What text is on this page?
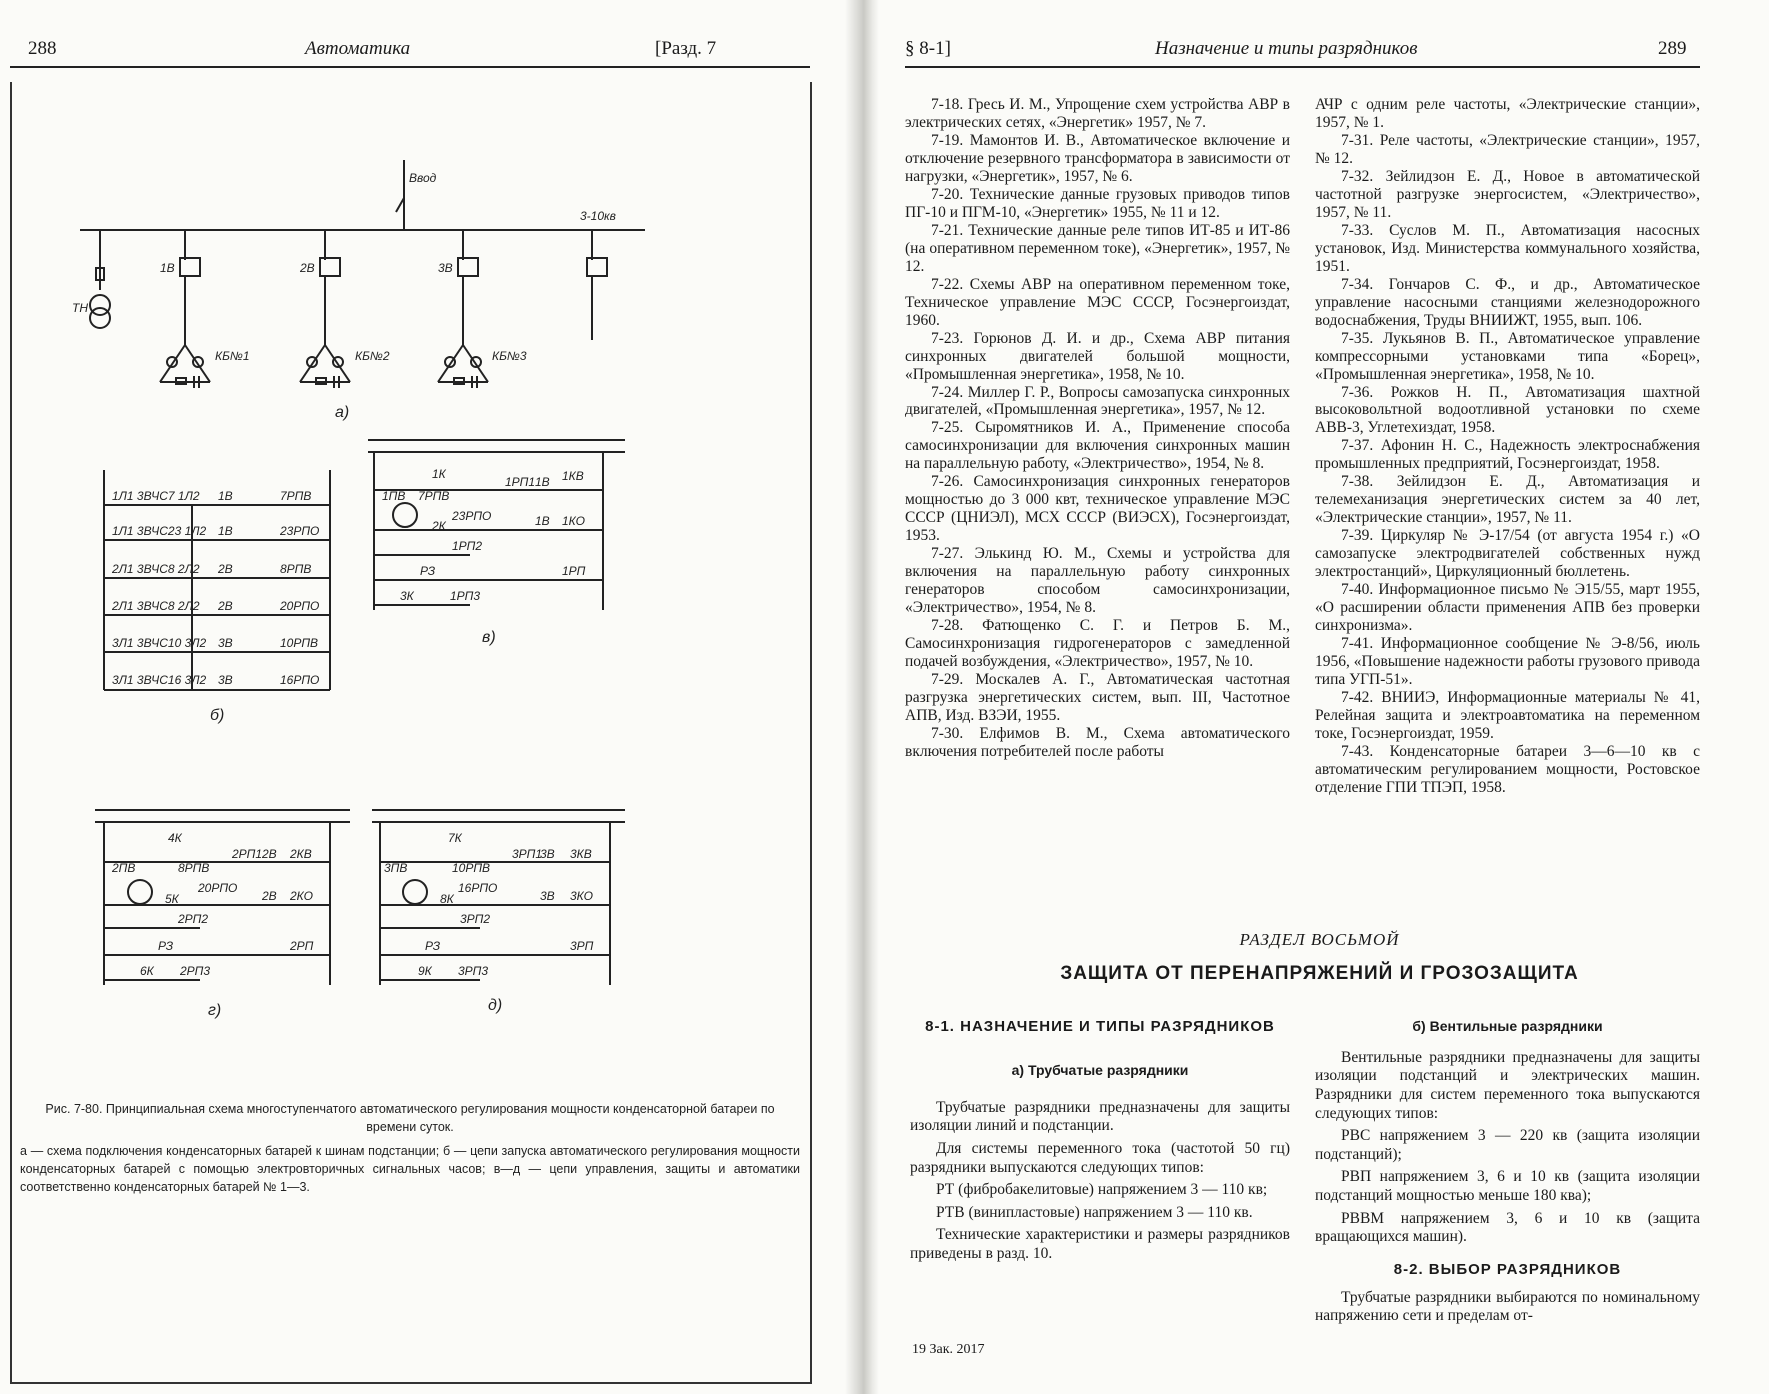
288	Автоматика	[Разд. 7
Ввод
3-10кв
ТН
1В	2В	3В
КБ№1	КБ№2	КБ№3
а)
1Л1 3ВЧС7 1Л2 1В	7РПВ
1Л1 3ВЧС23 1Л2 1В	23РПО
2Л1 3ВЧС8 2Л2 2В	8РПВ
2Л1 3ВЧС8 2Л2 2В	20РПО
3Л1 3ВЧС10 3Л2 3В	10РПВ
3Л1 3ВЧС16 3Л2 3В	16РПО
б)
1К
1ПВ 7РПВ
23РПО
2К
1РП1 1В 1КВ
1В 1КО
1РП2
РЗ	1РП
3К	1РП3
в)
4К
2ПВ	8РПВ
20РПО
5К
2РП1 2В 2КВ
2В 2КО
2РП2
РЗ	2РП
6К 2РП3
г)
7К
3ПВ	10РПВ
16РПО
8К
3РП1
3В 3КВ
3В 3КО
3РП2
РЗ	3РП
9К 3РП3
д)
Рис. 7-80. Принципиальная схема многоступенчатого автоматического регулирования мощности конденсаторной батареи по времени суток.
а — схема подключения конденсаторных батарей к шинам подстанции; б — цепи запуска автоматического регулирования мощности конденсаторных батарей с помощью электровторичных сигнальных часов; в—д — цепи управления, защиты и автоматики соответственно конденсаторных батарей № 1—3.
§ 8-1]	Назначение и типы разрядников	289

7-18. Гресь И. М., Упрощение схем устройства АВР в электрических сетях, «Энергетик» 1957, № 7.

7-19. Мамонтов И. В., Автоматическое включение и отключение резервного трансформатора в зависимости от нагрузки, «Энергетик», 1957, № 6.

7-20. Технические данные грузовых приводов типов ПГ-10 и ПГМ-10, «Энергетик» 1955, № 11 и 12.

7-21. Технические данные реле типов ИТ-85 и ИТ-86 (на оперативном переменном токе), «Энергетик», 1957, № 12.

7-22. Схемы АВР на оперативном переменном токе, Техническое управление МЭС СССР, Госэнергоиздат, 1960.

7-23. Горюнов Д. И. и др., Схема АВР питания синхронных двигателей большой мощности, «Промышленная энергетика», 1958, № 10.

7-24. Миллер Г. Р., Вопросы самозапуска синхронных двигателей, «Промышленная энергетика», 1957, № 12.

7-25. Сыромятников И. А., Применение способа самосинхронизации для включения синхронных машин на параллельную работу, «Электричество», 1954, № 8.

7-26. Самосинхронизация синхронных генераторов мощностью до 3 000 квт, техническое управление МЭС СССР (ЦНИЭЛ), МСХ СССР (ВИЭСХ), Госэнергоиздат, 1953.

7-27. Элькинд Ю. М., Схемы и устройства для включения на параллельную работу синхронных генераторов способом самосинхронизации, «Электричество», 1954, № 8.

7-28. Фатющенко С. Г. и Петров Б. М., Самосинхронизация гидрогенераторов с замедленной подачей возбуждения, «Электричество», 1957, № 10.

7-29. Москалев А. Г., Автоматическая частотная разгрузка энергетических систем, вып. III, Частотное АПВ, Изд. ВЗЭИ, 1955.

7-30. Елфимов В. М., Схема автоматического включения потребителей после работы

АЧР с одним реле частоты, «Электрические станции», 1957, № 1.

7-31. Реле частоты, «Электрические станции», 1957, № 12.

7-32. Зейлидзон Е. Д., Новое в автоматической частотной разгрузке энергосистем, «Электричество», 1957, № 11.

7-33. Суслов М. П., Автоматизация насосных установок, Изд. Министерства коммунального хозяйства, 1951.

7-34. Гончаров С. Ф., и др., Автоматическое управление насосными станциями железнодорожного водоснабжения, Труды ВНИИЖТ, 1955, вып. 106.

7-35. Лукьянов В. П., Автоматическое управление компрессорными установками типа «Борец», «Промышленная энергетика», 1958, № 10.

7-36. Рожков Н. П., Автоматизация шахтной высоковольтной водоотливной установки по схеме АВВ-3, Углетехиздат, 1958.

7-37. Афонин Н. С., Надежность электроснабжения промышленных предприятий, Госэнергоиздат, 1958.

7-38. Зейлидзон Е. Д., Автоматизация и телемеханизация энергетических систем за 40 лет, «Электрические станции», 1957, № 11.

7-39. Циркуляр № Э-17/54 (от августа 1954 г.) «О самозапуске электродвигателей собственных нужд электростанций», Циркуляционный бюллетень.

7-40. Информационное письмо № Э15/55, март 1955, «О расширении области применения АПВ без проверки синхронизма».

7-41. Информационное сообщение № Э-8/56, июль 1956, «Повышение надежности работы грузового привода типа УГП-51».

7-42. ВНИИЭ, Информационные материалы № 41, Релейная защита и электроавтоматика на переменном токе, Госэнергоиздат, 1959.

7-43. Конденсаторные батареи 3—6—10 кв с автоматическим регулированием мощности, Ростовское отделение ГПИ ТПЭП, 1958.

РАЗДЕЛ ВОСЬМОЙ
ЗАЩИТА ОТ ПЕРЕНАПРЯЖЕНИЙ И ГРОЗОЗАЩИТА

8-1. НАЗНАЧЕНИЕ И ТИПЫ РАЗРЯДНИКОВ

а) Трубчатые разрядники

Трубчатые разрядники предназначены для защиты изоляции линий и подстанции.

Для системы переменного тока (частотой 50 гц) разрядники выпускаются следующих типов:

РТ (фибробакелитовые) напряжением 3 — 110 кв;

РТВ (винипластовые) напряжением 3 — 110 кв.

Технические характеристики и размеры разрядников приведены в разд. 10.

б) Вентильные разрядники

Вентильные разрядники предназначены для защиты изоляции подстанций и электрических машин. Разрядники для систем переменного тока выпускаются следующих типов:

РВС напряжением 3 — 220 кв (защита изоляции подстанций);

РВП напряжением 3, 6 и 10 кв (защита изоляции подстанций мощностью меньше 180 ква);

РВВМ напряжением 3, 6 и 10 кв (защита вращающихся машин).

8-2. ВЫБОР РАЗРЯДНИКОВ

Трубчатые разрядники выбираются по номинальному напряжению сети и пределам от-

19 Зак. 2017
